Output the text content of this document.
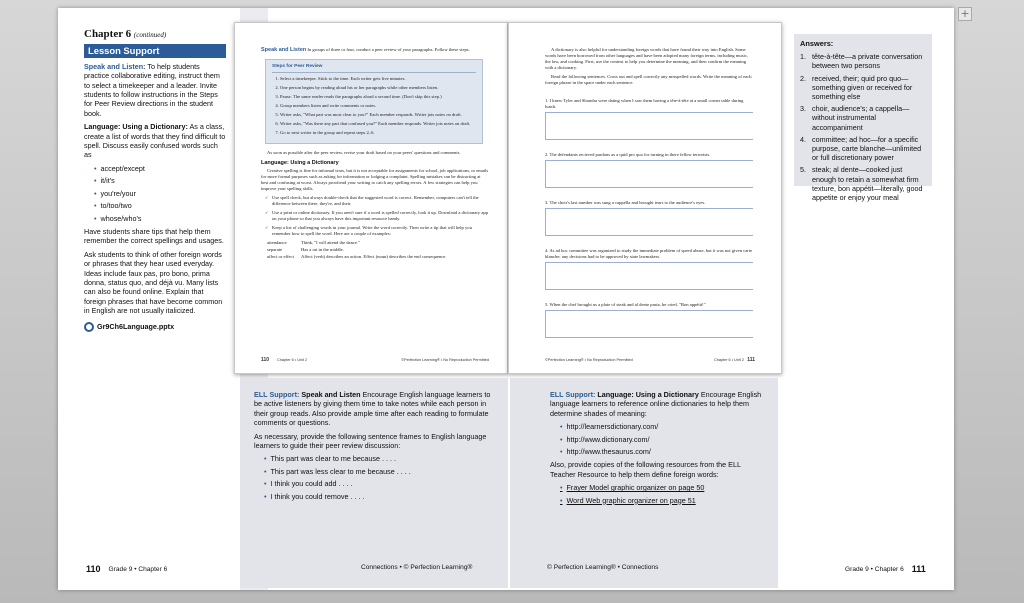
+
Chapter 6 (continued)
Lesson Support

Speak and Listen: To help students practice collaborative editing, instruct them to select a timekeeper and a leader. Invite students to follow instructions in the Steps for Peer Review directions in the student book.

Language: Using a Dictionary: As a class, create a list of words that they find difficult to spell. Discuss easily confused words such as

• accept/except
• it/it's
• you're/your
• to/too/two
• whose/who's

Have students share tips that help them remember the correct spellings and usages.

Ask students to think of other foreign words or phrases that they hear used everyday. Ideas include faux pas, pro bono, prima donna, status quo, and déjà vu. Many lists can also be found online. Explain that foreign phrases that have become common in English are not usually italicized.

Gr9Ch6Language.pptx

Speak and Listen In groups of three or four, conduct a peer review of your paragraphs. Follow these steps.

Steps for Peer Review
1. Select a timekeeper. Stick to the time. Each writer gets five minutes.
2. One person begins by reading aloud his or her paragraphs while other members listen.
3. Pause. The same reader reads the paragraphs aloud a second time. (Don't skip this step.)
4. Group members listen and write comments or notes.
5. Writer asks, "What part was most clear to you?" Each member responds. Writer jots notes on draft.
6. Writer asks, "Was there any part that confused you?" Each member responds. Writer jots notes on draft.
7. Go to next writer in the group and repeat steps 2–6.

As soon as possible after the peer review, revise your draft based on your peers' questions and comments.

Language: Using a Dictionary

Creative spelling is fine for informal texts, but it is not acceptable for assignments for school, job applications, or emails for more formal purposes such as asking for information or lodging a complaint. Spelling mistakes can be distracting at best and confusing at worst. Always proofread your writing to catch any spelling errors. A few strategies can help you improve your spelling skills.

✓ Use spell check, but always double-check that the suggested word is correct. Remember, computers can't tell the difference between there, they're, and their.
✓ Use a print or online dictionary. If you aren't sure if a word is spelled correctly, look it up. Download a dictionary app on your phone so that you always have this important resource handy.
✓ Keep a list of challenging words in your journal. Write the word correctly. Then write a tip that will help you remember how to spell the word. Here are a couple of examples:
attendance	Think, "I will attend the dance."
separate	Has a rat in the middle.
affect or effect	Affect (verb) describes an action. Effect (noun) describes the end consequence.
110 Chapter 6 • Unit 2	©Perfection Learning® • No Reproduction Permitted

A dictionary is also helpful for understanding foreign words that have found their way into English. Some words have been borrowed from other languages and have been adopted many foreign terms, including music, the law, and cooking. First, use the context to help you determine the meaning, and then confirm the meaning with a dictionary.

Read the following sentences. Cross out and spell correctly any misspelled words. Write the meaning of each foreign phrase in the space under each sentence.

1. I knew Tyler and Shondra were dating when I saw them having a tête-à-tête at a small corner table during lunch.

2. The defendants recieved pardons as a quid pro quo for turning in there fellow terrorists.

3. The choir's last number was sung a cappella and brought tears to the audience's eyes.

4. As ad hoc committee was organized to study the immediate problem of speed abuse, but it was not given carte blanche; any decisions had to be approved by state lawmakers.

5. When the chef brought us a plate of steak and al dente pasta, he cried, "Bon appétit!"

©Perfection Learning® • No Reproduction Permitted	Chapter 6 • Unit 2 111

ELL Support: Speak and Listen Encourage English language learners to be active listeners by giving them time to take notes while each person in their group reads. Also provide ample time after each reading to formulate comments or questions.

As necessary, provide the following sentence frames to English language learners to guide their peer review discussion:

• This part was clear to me because . . . .
• This part was less clear to me because . . . .
• I think you could add . . . .
• I think you could remove . . . .

ELL Support: Language: Using a Dictionary Encourage English language learners to reference online dictionaries to help them determine shades of meaning:

• http://learnersdictionary.com/
• http://www.dictionary.com/
• http://www.thesaurus.com/

Also, provide copies of the following resources from the ELL Teacher Resource to help them define foreign words:

• Frayer Model graphic organizer on page 50
• Word Web graphic organizer on page 51
Answers:
1. tête-à-tête—a private conversation between two persons
2. received, their; quid pro quo—something given or received for something else
3. choir, audience's; a cappella—without instrumental accompaniment
4. committee; ad hoc—for a specific purpose, carte blanche—unlimited or full discretionary power
5. steak; al dente—cooked just enough to retain a somewhat firm texture, bon appétit—literally, good appetite or enjoy your meal
110 Grade 9 • Chapter 6	Connections • © Perfection Learning®	© Perfection Learning® • Connections	Grade 9 • Chapter 6 111
